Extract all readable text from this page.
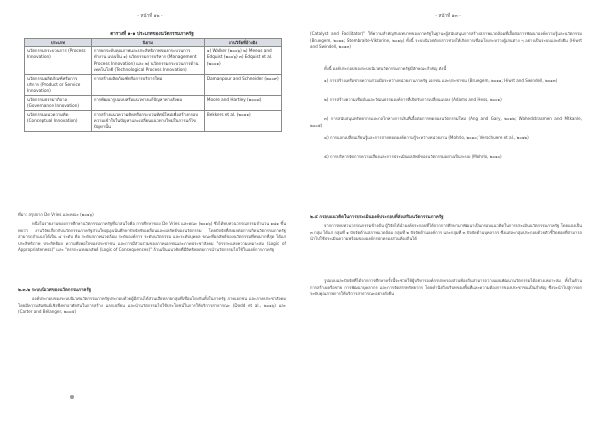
- หน้าที่ ๑๒ -
ตารางที่ ๑-๑ ประเภทของนวัตกรรมภาครัฐ
ประเภท	นิยาม	งานวิจัยที่อ้างอิง
นวัตกรรมกระบวนการ (Process Innovation)	การยกระดับคุณภาพและประสิทธิภาพของกระบวนการทำงาน แบ่งเป็น ๑) นวัตกรรมการบริหาร (Management Process Innovation) และ ๒) นวัตกรรมกระบวนการด้านเทคโนโลยี (Technological Process Innovation)	๑) Walker (๒๐๐๖) ๒) Meeus and Edquist (๒๐๐๖) ๓) Edquist et al. (๒๐๐๑)
นวัตกรรมผลิตภัณฑ์หรือการบริการ (Product or Service Innovation)	การสร้างผลิตภัณฑ์หรือการบริการใหม่	Damanpour and Schneider (๒๐๐๙)
นวัตกรรมธรรมาภิบาล (Governance Innovation)	การพัฒนารูปแบบหรือแนวทางแก้ปัญหาทางสังคม	Moore and Hartley (๒๐๐๘)
นวัตกรรมแนวความคิด (Conceptual Innovation)	การสร้างแนวความคิดหรือกระบวนทัศน์ใหม่เพื่อสร้างกรอบความเข้าใจในปัญหาและเปลี่ยนแนวทางใหม่ในการแก้ไขปัญหานั้น	Bekkers et al. (๒๐๑๑)
ที่มา: สรุปจาก De Vries และคณะ (๒๐๑๖)

หนึ่งในรายงานของการศึกษานวัตกรรมภาครัฐที่น่าสนใจคือ การศึกษาของ De Vries และคณะ (๒๐๑๖) ซึ่งได้ทบทวนวรรณกรรมจำนวน ๑๘๑ ชิ้น พบว่า งานวิจัยเกี่ยวกับนวัตกรรมภาครัฐส่วนใหญ่มุ่งเน้นศึกษาปัจจัยขับเคลื่อนและผลลัพธ์ของนวัตกรรม โดยปัจจัยที่ส่งผลต่อการเกิดนวัตกรรมภาครัฐสามารถจำแนกได้เป็น ๔ ระดับ คือ ระดับสภาพแวดล้อม ระดับองค์การ ระดับนวัตกรรม และระดับบุคคล ขณะที่ผลลัพธ์ของนวัตกรรมที่พบมากที่สุด ได้แก่ ประสิทธิภาพ ประสิทธิผล ความพึงพอใจของประชาชน และการมีส่วนร่วมของภาคเอกชนและภาคประชาสังคม "ตรรกะแห่งความเหมาะสม (Logic of Appropriateness)" และ "ตรรกะแห่งผลลัพธ์ (Logic of Consequences)" ล้วนเป็นแนวคิดที่มีอิทธิพลต่อการนำนวัตกรรมไปใช้ในองค์การภาครัฐ

๒.๓.๒ ระบบนิเวศของนวัตกรรมภาครัฐ

องค์ประกอบของระบบนิเวศนวัตกรรมภาครัฐประกอบด้วยผู้มีส่วนได้ส่วนเสียหลายกลุ่มที่เชื่อมโยงกันทั้งในภาครัฐ ภาคเอกชน และภาคประชาสังคม โดยมีความสัมพันธ์เชิงพึ่งพาอาศัยกันในการสร้าง แลกเปลี่ยน และนำนวัตกรรมไปใช้ประโยชน์ในการให้บริการสาธารณะ (Dodd et al., ๒๐๑๖) และ (Carter and Bélanger, ๒๐๐๕)

- หน้าที่ ๑๓ -

(Catalyst and Facilitator)" ให้ความสำคัญกับบทบาทของภาครัฐในฐานะผู้สนับสนุนการสร้างสภาพแวดล้อมที่เอื้อต่อการพัฒนาองค์ความรู้และนวัตกรรม (Bruegem, ๒๐๑๑; Stembraite-Viktorine, ๒๐๑๖) ทั้งนี้ ระบบนิเวศดังกล่าวช่วยให้เกิดการเชื่อมโยงระหว่างผู้เล่นต่าง ๆ อย่างเป็นระบบและยั่งยืน (Hiwrt and Swindell, ๒๐๑๓)

ทั้งนี้ องค์ประกอบของระบบนิเวศนวัตกรรมภาครัฐมีลักษณะสำคัญ ดังนี้

๑) การสร้างเครือข่ายความร่วมมือระหว่างหน่วยงานภาครัฐ เอกชน และประชาชน (Bruegem, ๒๐๑๑; Hiwrt and Swindell, ๒๐๑๓)

๒) การสร้างความเชื่อมั่นและวัฒนธรรมองค์การที่เปิดรับการเปลี่ยนแปลง (Adams and Hess, ๒๐๐๑)

๓) การสนับสนุนทรัพยากรและกลไกทางการเงินที่เอื้อต่อการทดลองนวัตกรรมใหม่ (Ang and Gary, ๒๐๑๒; Wahedstrasmen and Mtkanle, ๒๐๐๕)

๔) การแลกเปลี่ยนเรียนรู้และการถ่ายทอดองค์ความรู้ระหว่างหน่วยงาน (Mohrlo, ๒๐๑๐; Verschuere et al., ๒๐๑๒)

๕) การบริหารจัดการความเสี่ยงและการประเมินผลลัพธ์ของนวัตกรรมอย่างเป็นระบบ (Mohrlo, ๒๐๑๐)

๒.๔ กรอบแนวคิดในการประเมินองค์ประกอบที่ส่งเสริมนวัตกรรมภาครัฐ

จากการทบทวนวรรณกรรมข้างต้น ผู้วิจัยได้นำองค์ประกอบที่ได้จากการศึกษามาพัฒนาเป็นกรอบแนวคิดในการประเมินนวัตกรรมภาครัฐ โดยแบ่งเป็น ๓ กลุ่ม ได้แก่ กลุ่มที่ ๑ ปัจจัยด้านสภาพแวดล้อม กลุ่มที่ ๒ ปัจจัยด้านองค์การ และกลุ่มที่ ๓ ปัจจัยด้านบุคลากร ซึ่งแต่ละกลุ่มประกอบด้วยตัวชี้วัดย่อยที่สามารถนำไปใช้ประเมินความพร้อมขององค์กรปกครองส่วนท้องถิ่นได้

รูปแบบและปัจจัยที่ได้จากการศึกษาครั้งนี้จะช่วยให้ผู้บริหารองค์กรปกครองส่วนท้องถิ่นสามารถวางแผนพัฒนานวัตกรรมได้อย่างเหมาะสม ทั้งในด้านการสร้างเครือข่าย การพัฒนาบุคลากร และการจัดสรรทรัพยากร โดยคำนึงถึงบริบทของพื้นที่และความต้องการของประชาชนเป็นสำคัญ ซึ่งจะนำไปสู่การยกระดับคุณภาพการให้บริการสาธารณะอย่างยั่งยืน
